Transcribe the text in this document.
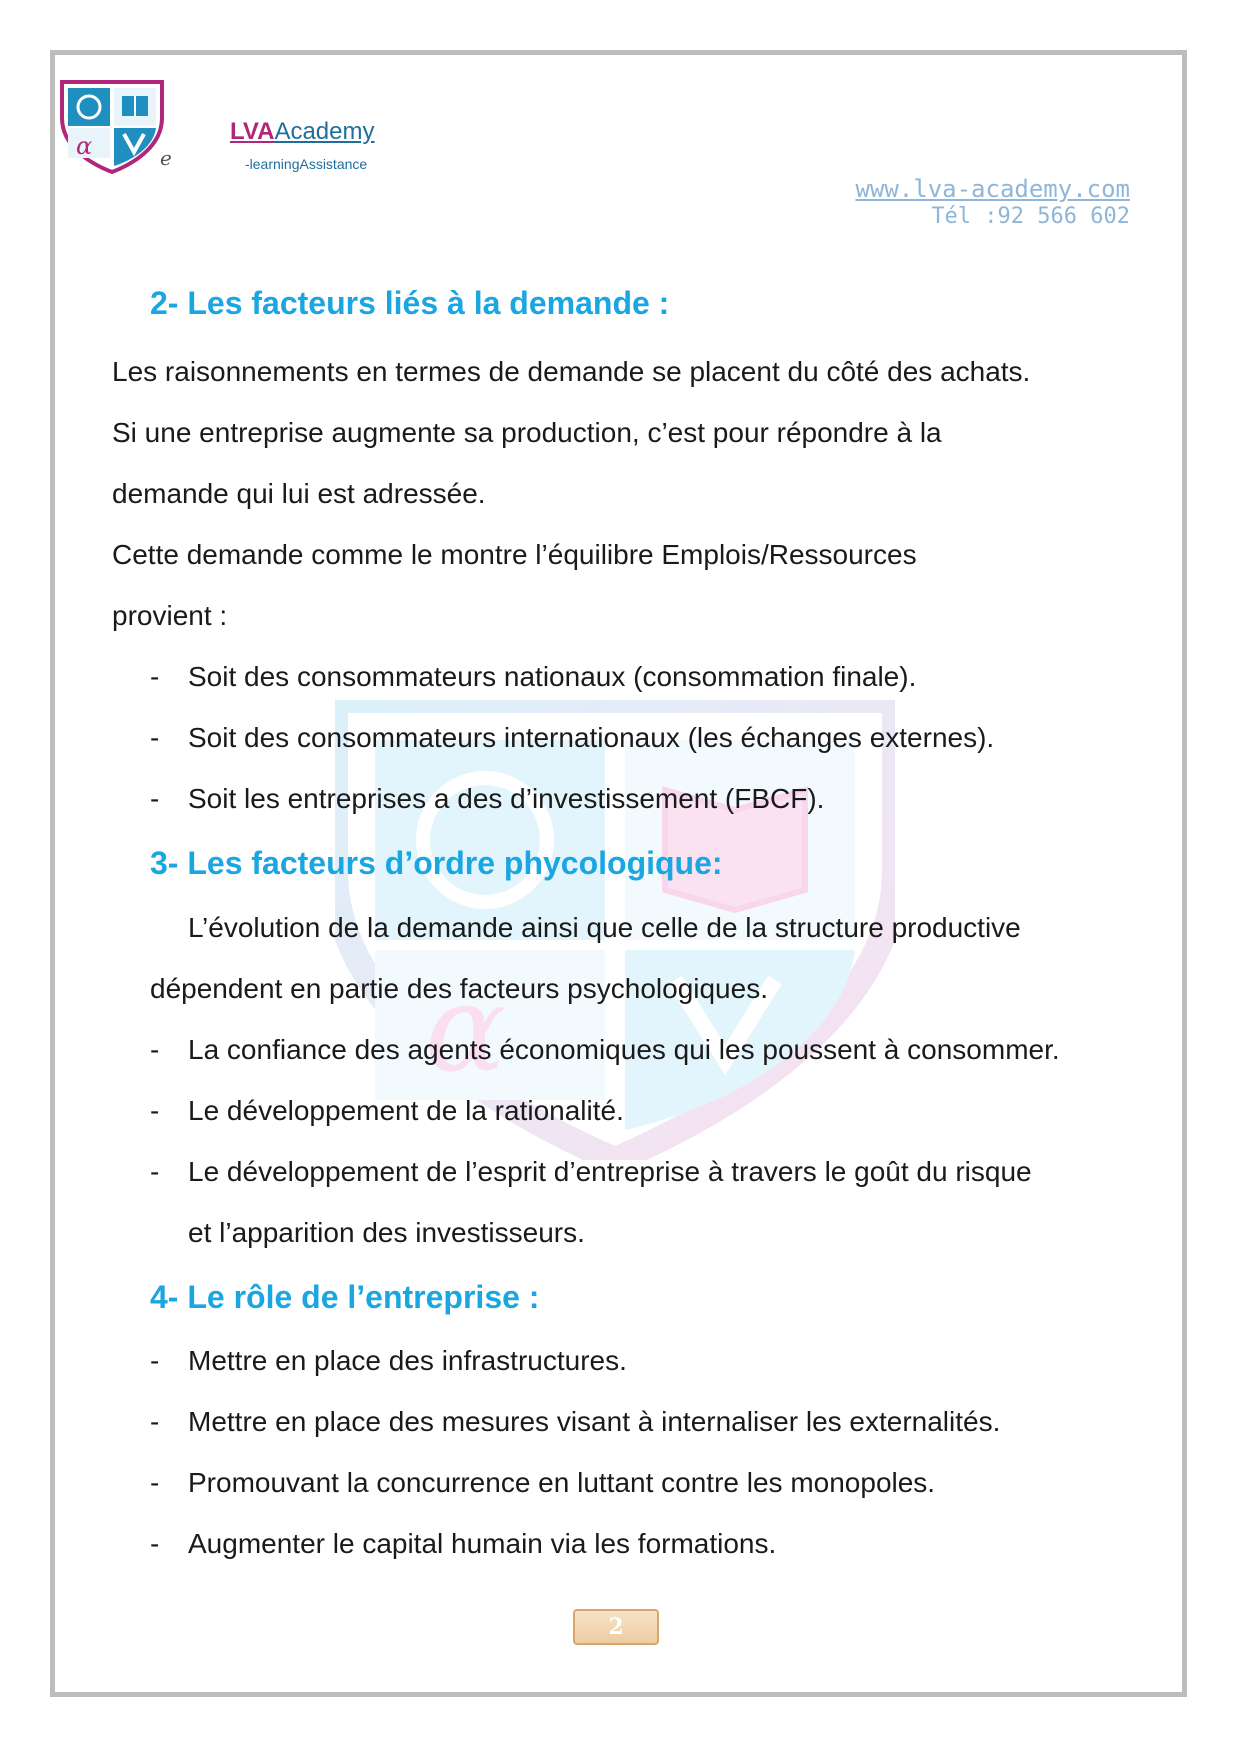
α	e
LVAAcademy
-learningAssistance
www.lva-academy.com
Tél :92 566 602
α
2- Les facteurs liés à la demande :
Les raisonnements en termes de demande se placent du côté des achats.
Si une entreprise augmente sa production, c’est pour répondre à la
demande qui lui est adressée.
Cette demande comme le montre l’équilibre Emplois/Ressources
provient :
- Soit des consommateurs nationaux (consommation finale).
- Soit des consommateurs internationaux (les échanges externes).
- Soit les entreprises a des d’investissement (FBCF).
3- Les facteurs d’ordre phycologique:
L’évolution de la demande ainsi que celle de la structure productive
dépendent en partie des facteurs psychologiques.
- La confiance des agents économiques qui les poussent à consommer.
- Le développement de la rationalité.
- Le développement de l’esprit d’entreprise à travers le goût du risque
et l’apparition des investisseurs.
4- Le rôle de l’entreprise :
- Mettre en place des infrastructures.
- Mettre en place des mesures visant à internaliser les externalités.
- Promouvant la concurrence en luttant contre les monopoles.
- Augmenter le capital humain via les formations.
2
